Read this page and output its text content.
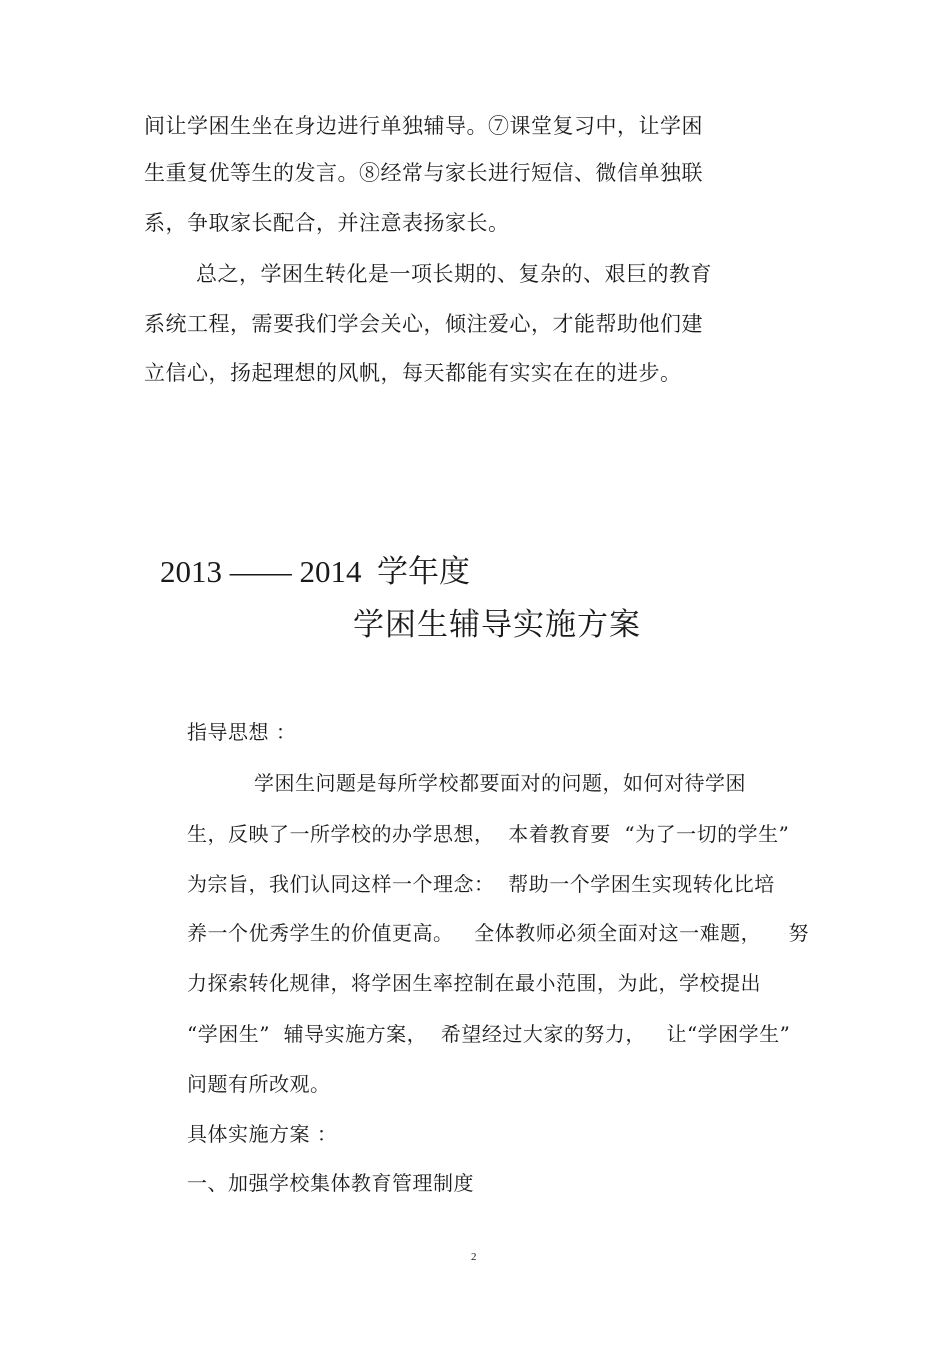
间让学困生坐在身边进行单独辅导。⑦课堂复习中，让学困
生重复优等生的发言。⑧经常与家长进行短信、微信单独联
系，争取家长配合，并注意表扬家长。
总之，学困生转化是一项长期的、复杂的、艰巨的教育
系统工程，需要我们学会关心，倾注爱心，才能帮助他们建
立信心，扬起理想的风帆，每天都能有实实在在的进步。
2013 —— 2014  学年度
学困生辅导实施方案
指导思想 ：
学困生问题是每所学校都要面对的问题，如何对待学困
生，反映了一所学校的办学思想，  本着教育要  “为了一切的学生”
为宗旨，我们认同这样一个理念：  帮助一个学困生实现转化比培
养一个优秀学生的价值更高。   全体教师必须全面对这一难题，    努
力探索转化规律，将学困生率控制在最小范围，为此，学校提出
“学困生”  辅导实施方案，  希望经过大家的努力，   让“学困学生”
问题有所改观。
具体实施方案 ：
一、加强学校集体教育管理制度
2
